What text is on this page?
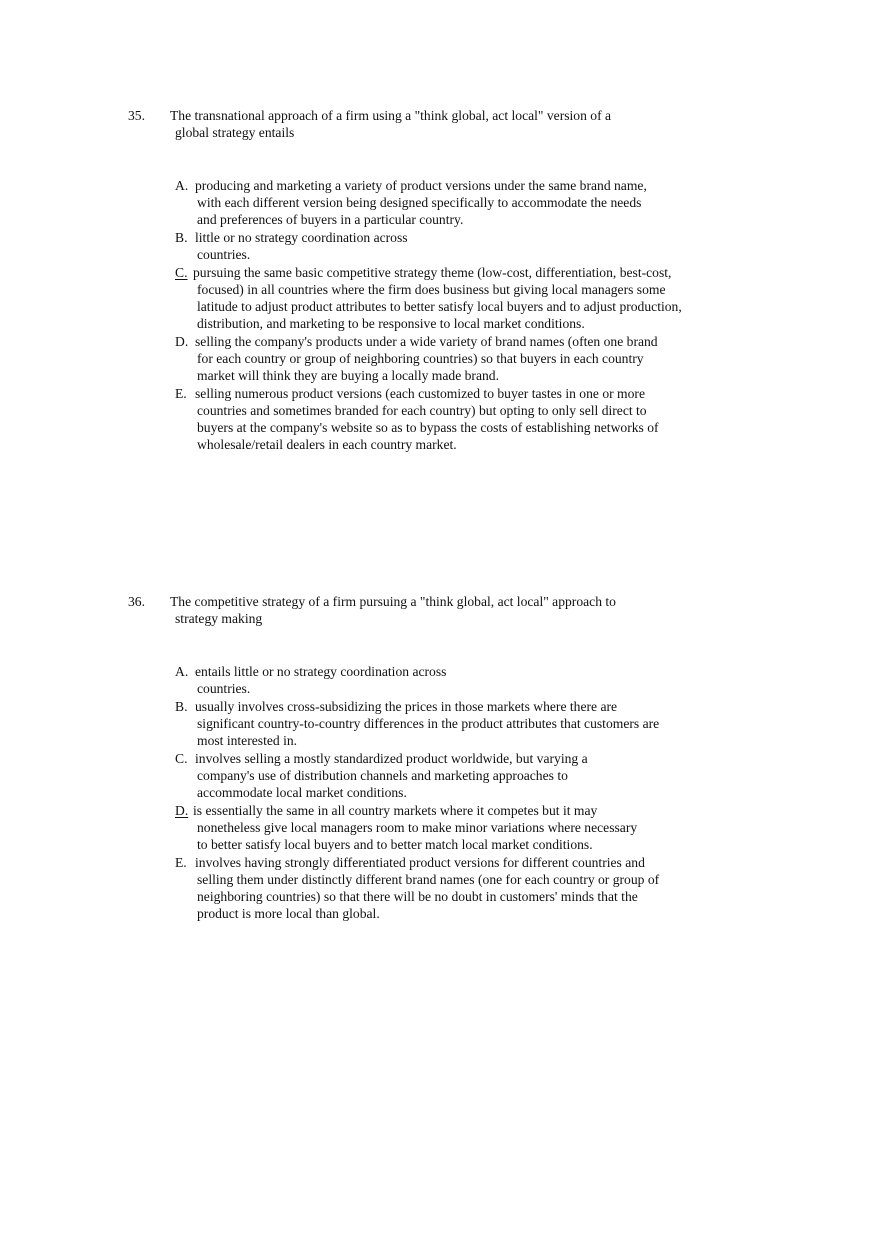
35.	The transnational approach of a firm using a "think global, act local" version of a global strategy entails
A. producing and marketing a variety of product versions under the same brand name, with each different version being designed specifically to accommodate the needs and preferences of buyers in a particular country.
B. little or no strategy coordination across countries.
C. pursuing the same basic competitive strategy theme (low-cost, differentiation, best-cost, focused) in all countries where the firm does business but giving local managers some latitude to adjust product attributes to better satisfy local buyers and to adjust production, distribution, and marketing to be responsive to local market conditions.
D. selling the company's products under a wide variety of brand names (often one brand for each country or group of neighboring countries) so that buyers in each country market will think they are buying a locally made brand.
E. selling numerous product versions (each customized to buyer tastes in one or more countries and sometimes branded for each country) but opting to only sell direct to buyers at the company's website so as to bypass the costs of establishing networks of wholesale/retail dealers in each country market.
36.	The competitive strategy of a firm pursuing a "think global, act local" approach to strategy making
A. entails little or no strategy coordination across countries.
B. usually involves cross-subsidizing the prices in those markets where there are significant country-to-country differences in the product attributes that customers are most interested in.
C. involves selling a mostly standardized product worldwide, but varying a company's use of distribution channels and marketing approaches to accommodate local market conditions.
D. is essentially the same in all country markets where it competes but it may nonetheless give local managers room to make minor variations where necessary to better satisfy local buyers and to better match local market conditions.
E. involves having strongly differentiated product versions for different countries and selling them under distinctly different brand names (one for each country or group of neighboring countries) so that there will be no doubt in customers' minds that the product is more local than global.
